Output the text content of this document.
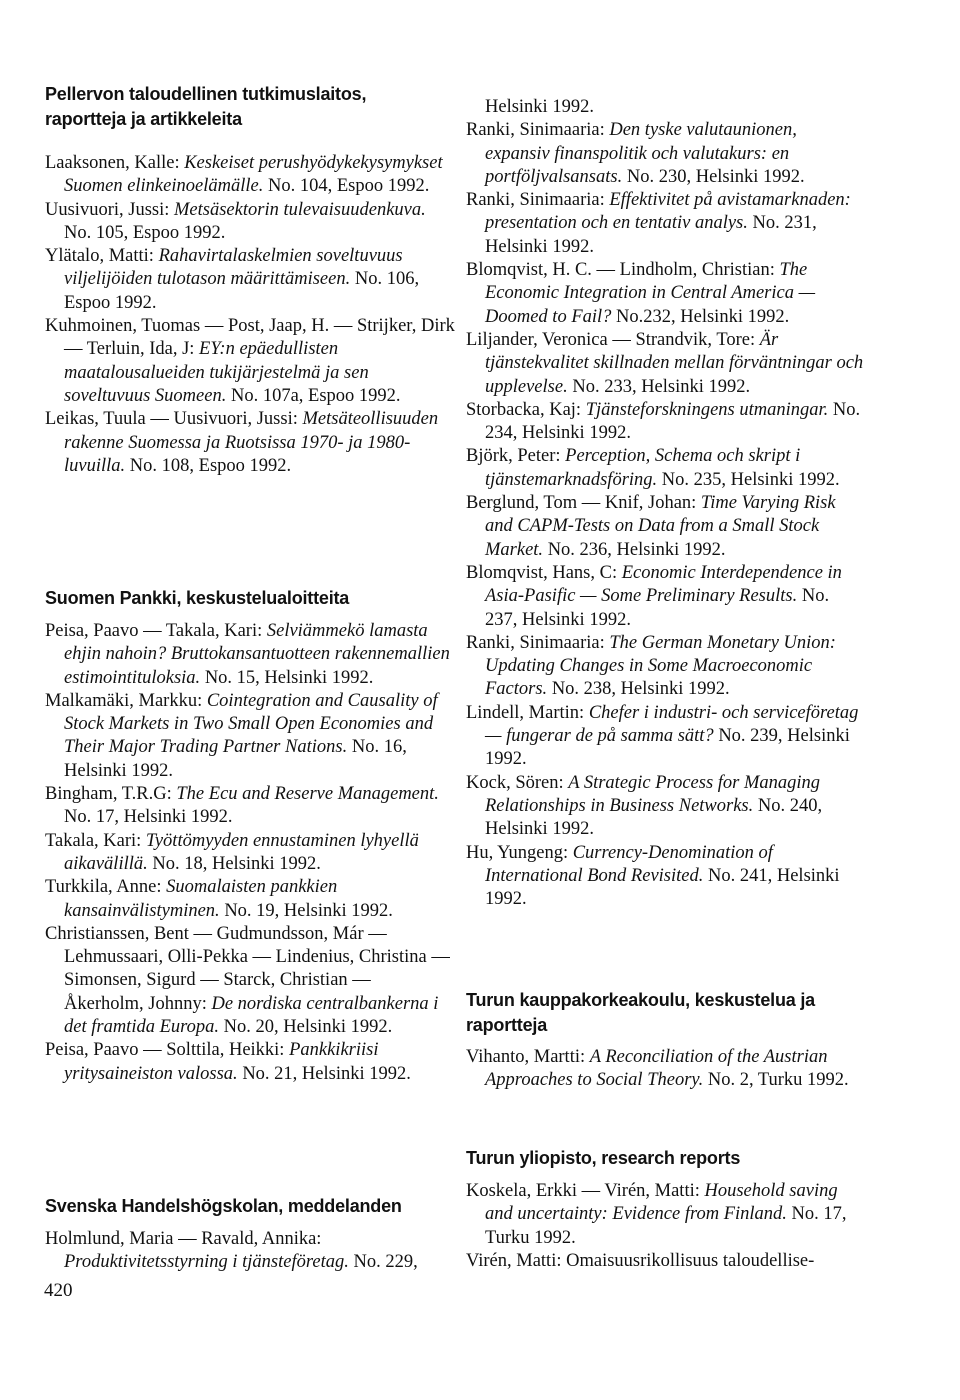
Pellervon taloudellinen tutkimuslaitos, raportteja ja artikkeleita

Laaksonen, Kalle: Keskeiset perushyödykekysymykset Suomen elinkeinoelämälle. No. 104, Espoo 1992.

Uusivuori, Jussi: Metsäsektorin tulevaisuudenkuva. No. 105, Espoo 1992.

Ylätalo, Matti: Rahavirtalaskelmien soveltuvuus viljelijöiden tulotason määrittämiseen. No. 106, Espoo 1992.

Kuhmoinen, Tuomas — Post, Jaap, H. — Strijker, Dirk — Terluin, Ida, J: EY:n epäedullisten maatalousalueiden tukijärjestelmä ja sen soveltuvuus Suomeen. No. 107a, Espoo 1992.

Leikas, Tuula — Uusivuori, Jussi: Metsäteollisuuden rakenne Suomessa ja Ruotsissa 1970- ja 1980-luvuilla. No. 108, Espoo 1992.

Suomen Pankki, keskustelualoitteita

Peisa, Paavo — Takala, Kari: Selviämmekö lamasta ehjin nahoin? Bruttokansantuotteen rakennemallien estimointituloksia. No. 15, Helsinki 1992.

Malkamäki, Markku: Cointegration and Causality of Stock Markets in Two Small Open Economies and Their Major Trading Partner Nations. No. 16, Helsinki 1992.

Bingham, T.R.G: The Ecu and Reserve Management. No. 17, Helsinki 1992.

Takala, Kari: Työttömyyden ennustaminen lyhyellä aikavälillä. No. 18, Helsinki 1992.

Turkkila, Anne: Suomalaisten pankkien kansainvälistyminen. No. 19, Helsinki 1992.

Christianssen, Bent — Gudmundsson, Már — Lehmussaari, Olli-Pekka — Lindenius, Christina — Simonsen, Sigurd — Starck, Christian — Åkerholm, Johnny: De nordiska centralbankerna i det framtida Europa. No. 20, Helsinki 1992.

Peisa, Paavo — Solttila, Heikki: Pankkikriisi yritysaineiston valossa. No. 21, Helsinki 1992.

Svenska Handelshögskolan, meddelanden

Holmlund, Maria — Ravald, Annika: Produktivitetsstyrning i tjänsteföretag. No. 229,

420

Helsinki 1992.

Ranki, Sinimaaria: Den tyske valutaunionen, expansiv finanspolitik och valutakurs: en portföljvalsansats. No. 230, Helsinki 1992.

Ranki, Sinimaaria: Effektivitet på avistamarknaden: presentation och en tentativ analys. No. 231, Helsinki 1992.

Blomqvist, H. C. — Lindholm, Christian: The Economic Integration in Central America — Doomed to Fail? No.232, Helsinki 1992.

Liljander, Veronica — Strandvik, Tore: Är tjänstekvalitet skillnaden mellan förväntningar och upplevelse. No. 233, Helsinki 1992.

Storbacka, Kaj: Tjänsteforskningens utmaningar. No. 234, Helsinki 1992.

Björk, Peter: Perception, Schema och skript i tjänstemarknadsföring. No. 235, Helsinki 1992.

Berglund, Tom — Knif, Johan: Time Varying Risk and CAPM-Tests on Data from a Small Stock Market. No. 236, Helsinki 1992.

Blomqvist, Hans, C: Economic Interdependence in Asia-Pasific — Some Preliminary Results. No. 237, Helsinki 1992.

Ranki, Sinimaaria: The German Monetary Union: Updating Changes in Some Macroeconomic Factors. No. 238, Helsinki 1992.

Lindell, Martin: Chefer i industri- och serviceföretag — fungerar de på samma sätt? No. 239, Helsinki 1992.

Kock, Sören: A Strategic Process for Managing Relationships in Business Networks. No. 240, Helsinki 1992.

Hu, Yungeng: Currency-Denomination of International Bond Revisited. No. 241, Helsinki 1992.

Turun kauppakorkeakoulu, keskustelua ja raportteja

Vihanto, Martti: A Reconciliation of the Austrian Approaches to Social Theory. No. 2, Turku 1992.

Turun yliopisto, research reports

Koskela, Erkki — Virén, Matti: Household saving and uncertainty: Evidence from Finland. No. 17, Turku 1992.

Virén, Matti: Omaisuusrikollisuus taloudellise-
